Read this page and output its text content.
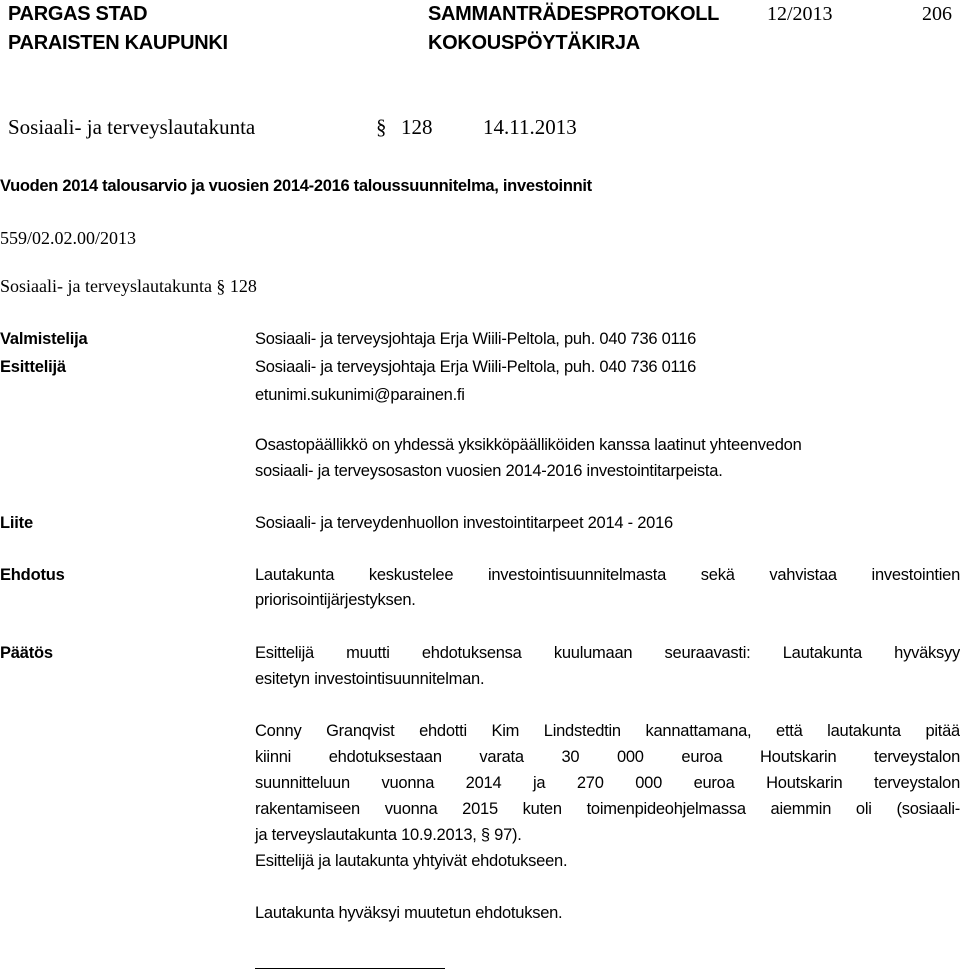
PARGAS STAD
PARAISTEN KAUPUNKI
SAMMANTRÄDESPROTOKOLL
KOKOUSPÖYTÄKIRJA
12/2013	206
Sosiaali- ja terveyslautakunta	§ 128 14.11.2013
Vuoden 2014 talousarvio ja vuosien 2014-2016 taloussuunnitelma, investoinnit
559/02.02.00/2013
Sosiaali- ja terveyslautakunta § 128
Valmistelija	Sosiaali- ja terveysjohtaja Erja Wiili-Peltola, puh. 040 736 0116
Esittelijä	Sosiaali- ja terveysjohtaja Erja Wiili-Peltola, puh. 040 736 0116
etunimi.sukunimi@parainen.fi
Osastopäällikkö on yhdessä yksikköpäälliköiden kanssa laatinut yhteenvedon
sosiaali- ja terveysosaston vuosien 2014-2016 investointitarpeista.
Liite	Sosiaali- ja terveydenhuollon investointitarpeet 2014 - 2016
Ehdotus	Lautakunta keskustelee investointisuunnitelmasta sekä vahvistaa investointien
priorisointijärjestyksen.
Päätös	Esittelijä muutti ehdotuksensa kuulumaan seuraavasti: Lautakunta hyväksyy
esitetyn investointisuunnitelman.
Conny Granqvist ehdotti Kim Lindstedtin kannattamana, että lautakunta pitää
kiinni ehdotuksestaan varata 30 000 euroa Houtskarin terveystalon
suunnitteluun vuonna 2014 ja 270 000 euroa Houtskarin terveystalon
rakentamiseen vuonna 2015 kuten toimenpideohjelmassa aiemmin oli (sosiaali-
ja terveyslautakunta 10.9.2013, § 97).
Esittelijä ja lautakunta yhtyivät ehdotukseen.
Lautakunta hyväksyi muutetun ehdotuksen.
